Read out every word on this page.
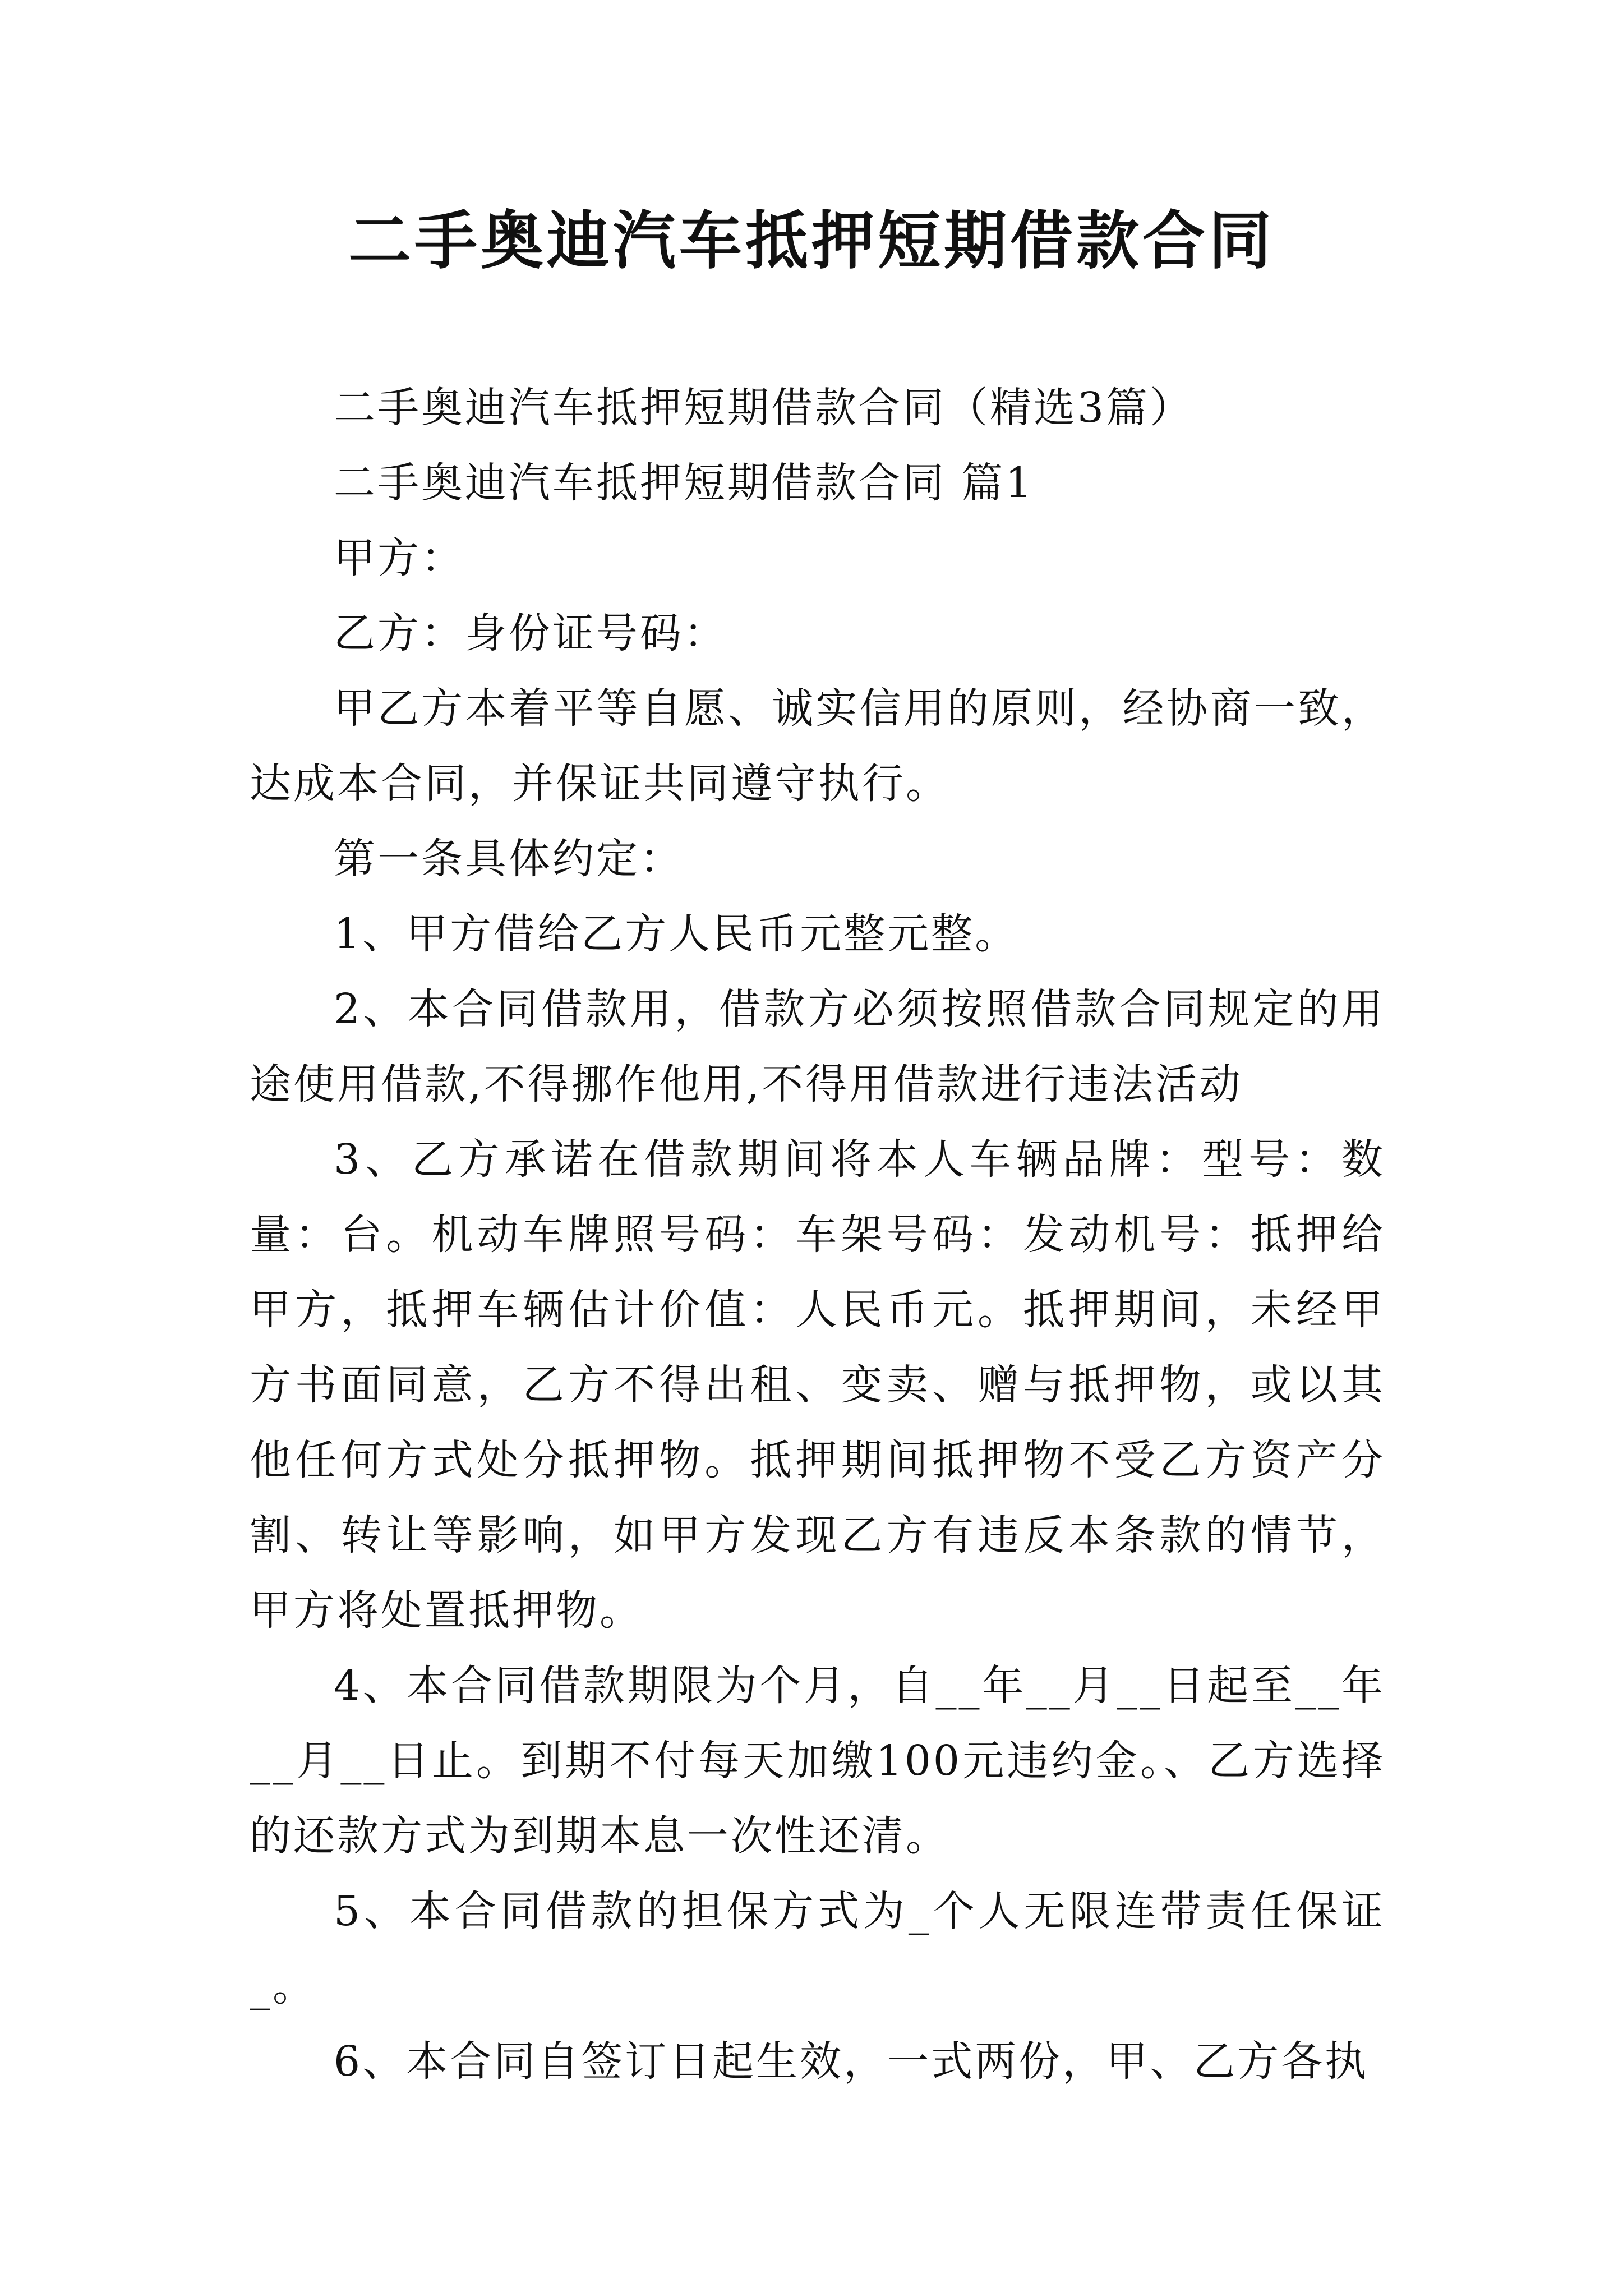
二手奥迪汽车抵押短期借款合同

二手奥迪汽车抵押短期借款合同（精选3篇）

二手奥迪汽车抵押短期借款合同 篇1

甲方：

乙方：身份证号码：

甲乙方本着平等自愿、诚实信用的原则，经协商一致，达成本合同，并保证共同遵守执行。

第一条具体约定：

1、甲方借给乙方人民币元整元整。

2、本合同借款用，借款方必须按照借款合同规定的用途使用借款,不得挪作他用,不得用借款进行违法活动

3、乙方承诺在借款期间将本人车辆品牌：型号：数量：台。机动车牌照号码：车架号码：发动机号：抵押给甲方，抵押车辆估计价值：人民币元。抵押期间，未经甲方书面同意，乙方不得出租、变卖、赠与抵押物，或以其他任何方式处分抵押物。抵押期间抵押物不受乙方资产分割、转让等影响，如甲方发现乙方有违反本条款的情节，甲方将处置抵押物。

4、本合同借款期限为个月，自__年__月__日起至__年__月__日止。到期不付每天加缴100元违约金。、乙方选择的还款方式为到期本息一次性还清。

5、本合同借款的担保方式为_个人无限连带责任保证_。

6、本合同自签订日起生效，一式两份，甲、乙方各执
